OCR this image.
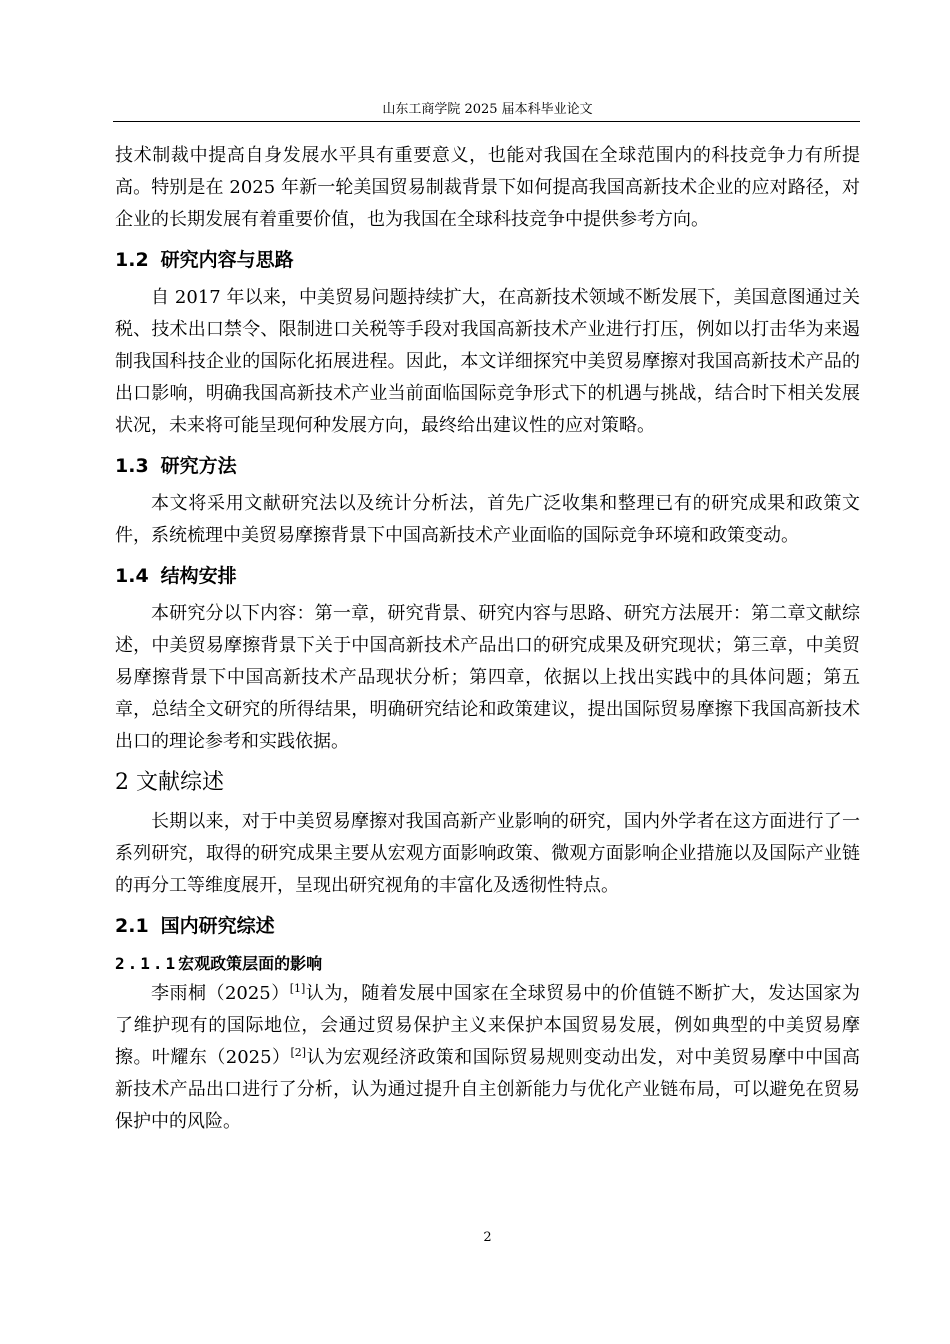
山东工商学院 2025 届本科毕业论文

技术制裁中提高自身发展水平具有重要意义，也能对我国在全球范围内的科技竞争力有所提高。特别是在 2025 年新一轮美国贸易制裁背景下如何提高我国高新技术企业的应对路径，对企业的长期发展有着重要价值，也为我国在全球科技竞争中提供参考方向。

1.2 研究内容与思路

自 2017 年以来，中美贸易问题持续扩大，在高新技术领域不断发展下，美国意图通过关税、技术出口禁令、限制进口关税等手段对我国高新技术产业进行打压，例如以打击华为来遏制我国科技企业的国际化拓展进程。因此，本文详细探究中美贸易摩擦对我国高新技术产品的出口影响，明确我国高新技术产业当前面临国际竞争形式下的机遇与挑战，结合时下相关发展状况，未来将可能呈现何种发展方向，最终给出建议性的应对策略。

1.3 研究方法

本文将采用文献研究法以及统计分析法，首先广泛收集和整理已有的研究成果和政策文件，系统梳理中美贸易摩擦背景下中国高新技术产业面临的国际竞争环境和政策变动。

1.4 结构安排

本研究分以下内容：第一章，研究背景、研究内容与思路、研究方法展开：第二章文献综述，中美贸易摩擦背景下关于中国高新技术产品出口的研究成果及研究现状；第三章，中美贸易摩擦背景下中国高新技术产品现状分析；第四章，依据以上找出实践中的具体问题；第五章，总结全文研究的所得结果，明确研究结论和政策建议，提出国际贸易摩擦下我国高新技术出口的理论参考和实践依据。

2 文献综述

长期以来，对于中美贸易摩擦对我国高新产业影响的研究，国内外学者在这方面进行了一系列研究，取得的研究成果主要从宏观方面影响政策、微观方面影响企业措施以及国际产业链的再分工等维度展开，呈现出研究视角的丰富化及透彻性特点。

2.1 国内研究综述
2.1.1宏观政策层面的影响

李雨桐（2025）[1]认为，随着发展中国家在全球贸易中的价值链不断扩大，发达国家为了维护现有的国际地位，会通过贸易保护主义来保护本国贸易发展，例如典型的中美贸易摩擦。叶耀东（2025）[2]认为宏观经济政策和国际贸易规则变动出发，对中美贸易摩中中国高新技术产品出口进行了分析，认为通过提升自主创新能力与优化产业链布局，可以避免在贸易保护中的风险。

2
